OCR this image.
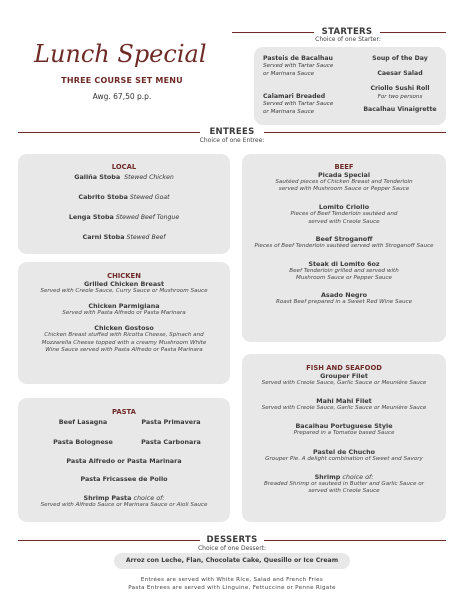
Lunch Special
THREE COURSE SET MENU
Awg. 67,50 p.p.
STARTERS
Choice of one Starter:
Pasteis de Bacalhau
Served with Tartar Sauce
or Marinara Sauce
Calamari Breaded
Served with Tartar Sauce
or Marinara Sauce
Soup of the Day
Caesar Salad
Criollo Sushi Roll
For two persons
Bacalhau Vinaigrette
ENTREES
Choice of one Entree:
LOCAL
Galiña Stoba Stewed Chicken
Cabrito Stoba Stewed Goat
Lenga Stoba Stewed Beef Tongue
Carni Stoba Stewed Beef
CHICKEN
Grilled Chicken Breast
Served with Creole Sauce, Curry Sauce or Mushroom Sauce
Chicken Parmigiana
Served with Pasta Alfredo or Pasta Marinara
Chicken Gostoso
Chicken Breast stuffed with Ricotta Cheese, Spinach and
Mozzarella Cheese topped with a creamy Mushroom White
Wine Sauce served with Pasta Alfredo or Pasta Marinara
PASTA
Beef Lasagna	Pasta Primavera
Pasta Bolognese	Pasta Carbonara
Pasta Alfredo or Pasta Marinara
Pasta Fricassee de Pollo
Shrimp Pasta choice of:
Served with Alfredo Sauce or Marinara Sauce or Aioli Sauce
BEEF
Picada Special
Sautéed pieces of Chicken Breast and Tenderloin
served with Mushroom Sauce or Pepper Sauce
Lomito Criollo
Pieces of Beef Tenderloin sautéed and
served with Creole Sauce
Beef Stroganoff
Pieces of Beef Tenderloin sautéed served with Stroganoff Sauce
Steak di Lomito 6oz
Beef Tenderloin grilled and served with
Mushroom Sauce or Pepper Sauce
Asado Negro
Roast Beef prepared in a Sweet Red Wine Sauce
FISH AND SEAFOOD
Grouper Filet
Served with Creole Sauce, Garlic Sauce or Meunière Sauce
Mahi Mahi Filet
Served with Creole Sauce, Garlic Sauce or Meunière Sauce
Bacalhau Portuguese Style
Prepared in a Tomatoe based Sauce
Pastel de Chucho
Grouper Pie. A delight combination of Sweet and Savory
Shrimp choice of:
Breaded Shrimp or sauteed in Butter and Garlic Sauce or
served with Creole Sauce
DESSERTS
Choice of one Dessert:
Arroz con Leche, Flan, Chocolate Cake, Quesillo or Ice Cream
Entrées are served with White Rice, Salad and French Fries
Pasta Entrees are served with Linguine, Fettuccine or Penne Rigate
